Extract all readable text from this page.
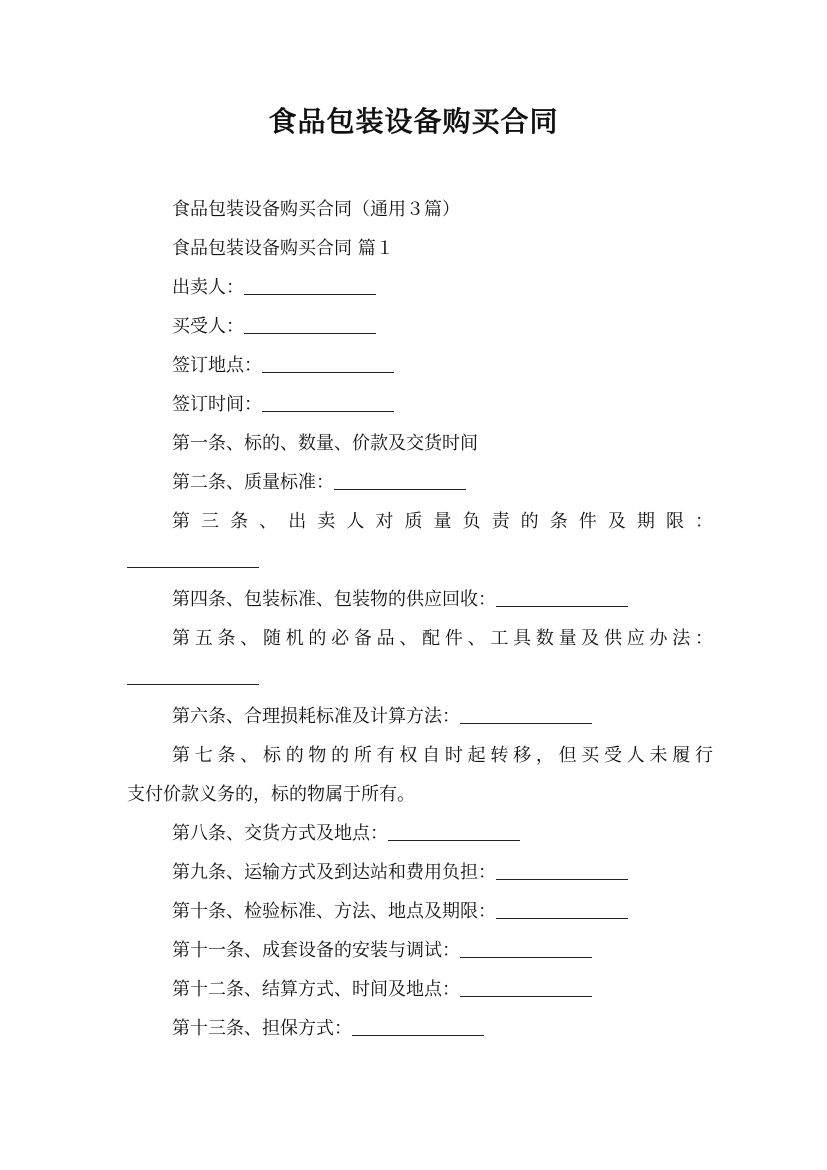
食品包装设备购买合同
食品包装设备购买合同（通用３篇）
食品包装设备购买合同 篇１
出卖人：
买受人：
签订地点：
签订时间：
第一条、标的、数量、价款及交货时间
第二条、质量标准：
第三条、出卖人对质量负责的条件及期限：
第四条、包装标准、包装物的供应回收：
第五条、随机的必备品、配件、工具数量及供应办法：
第六条、合理损耗标准及计算方法：
第七条、标的物的所有权自时起转移，但买受人未履行
支付价款义务的，标的物属于所有。
第八条、交货方式及地点：
第九条、运输方式及到达站和费用负担：
第十条、检验标准、方法、地点及期限：
第十一条、成套设备的安装与调试：
第十二条、结算方式、时间及地点：
第十三条、担保方式：
